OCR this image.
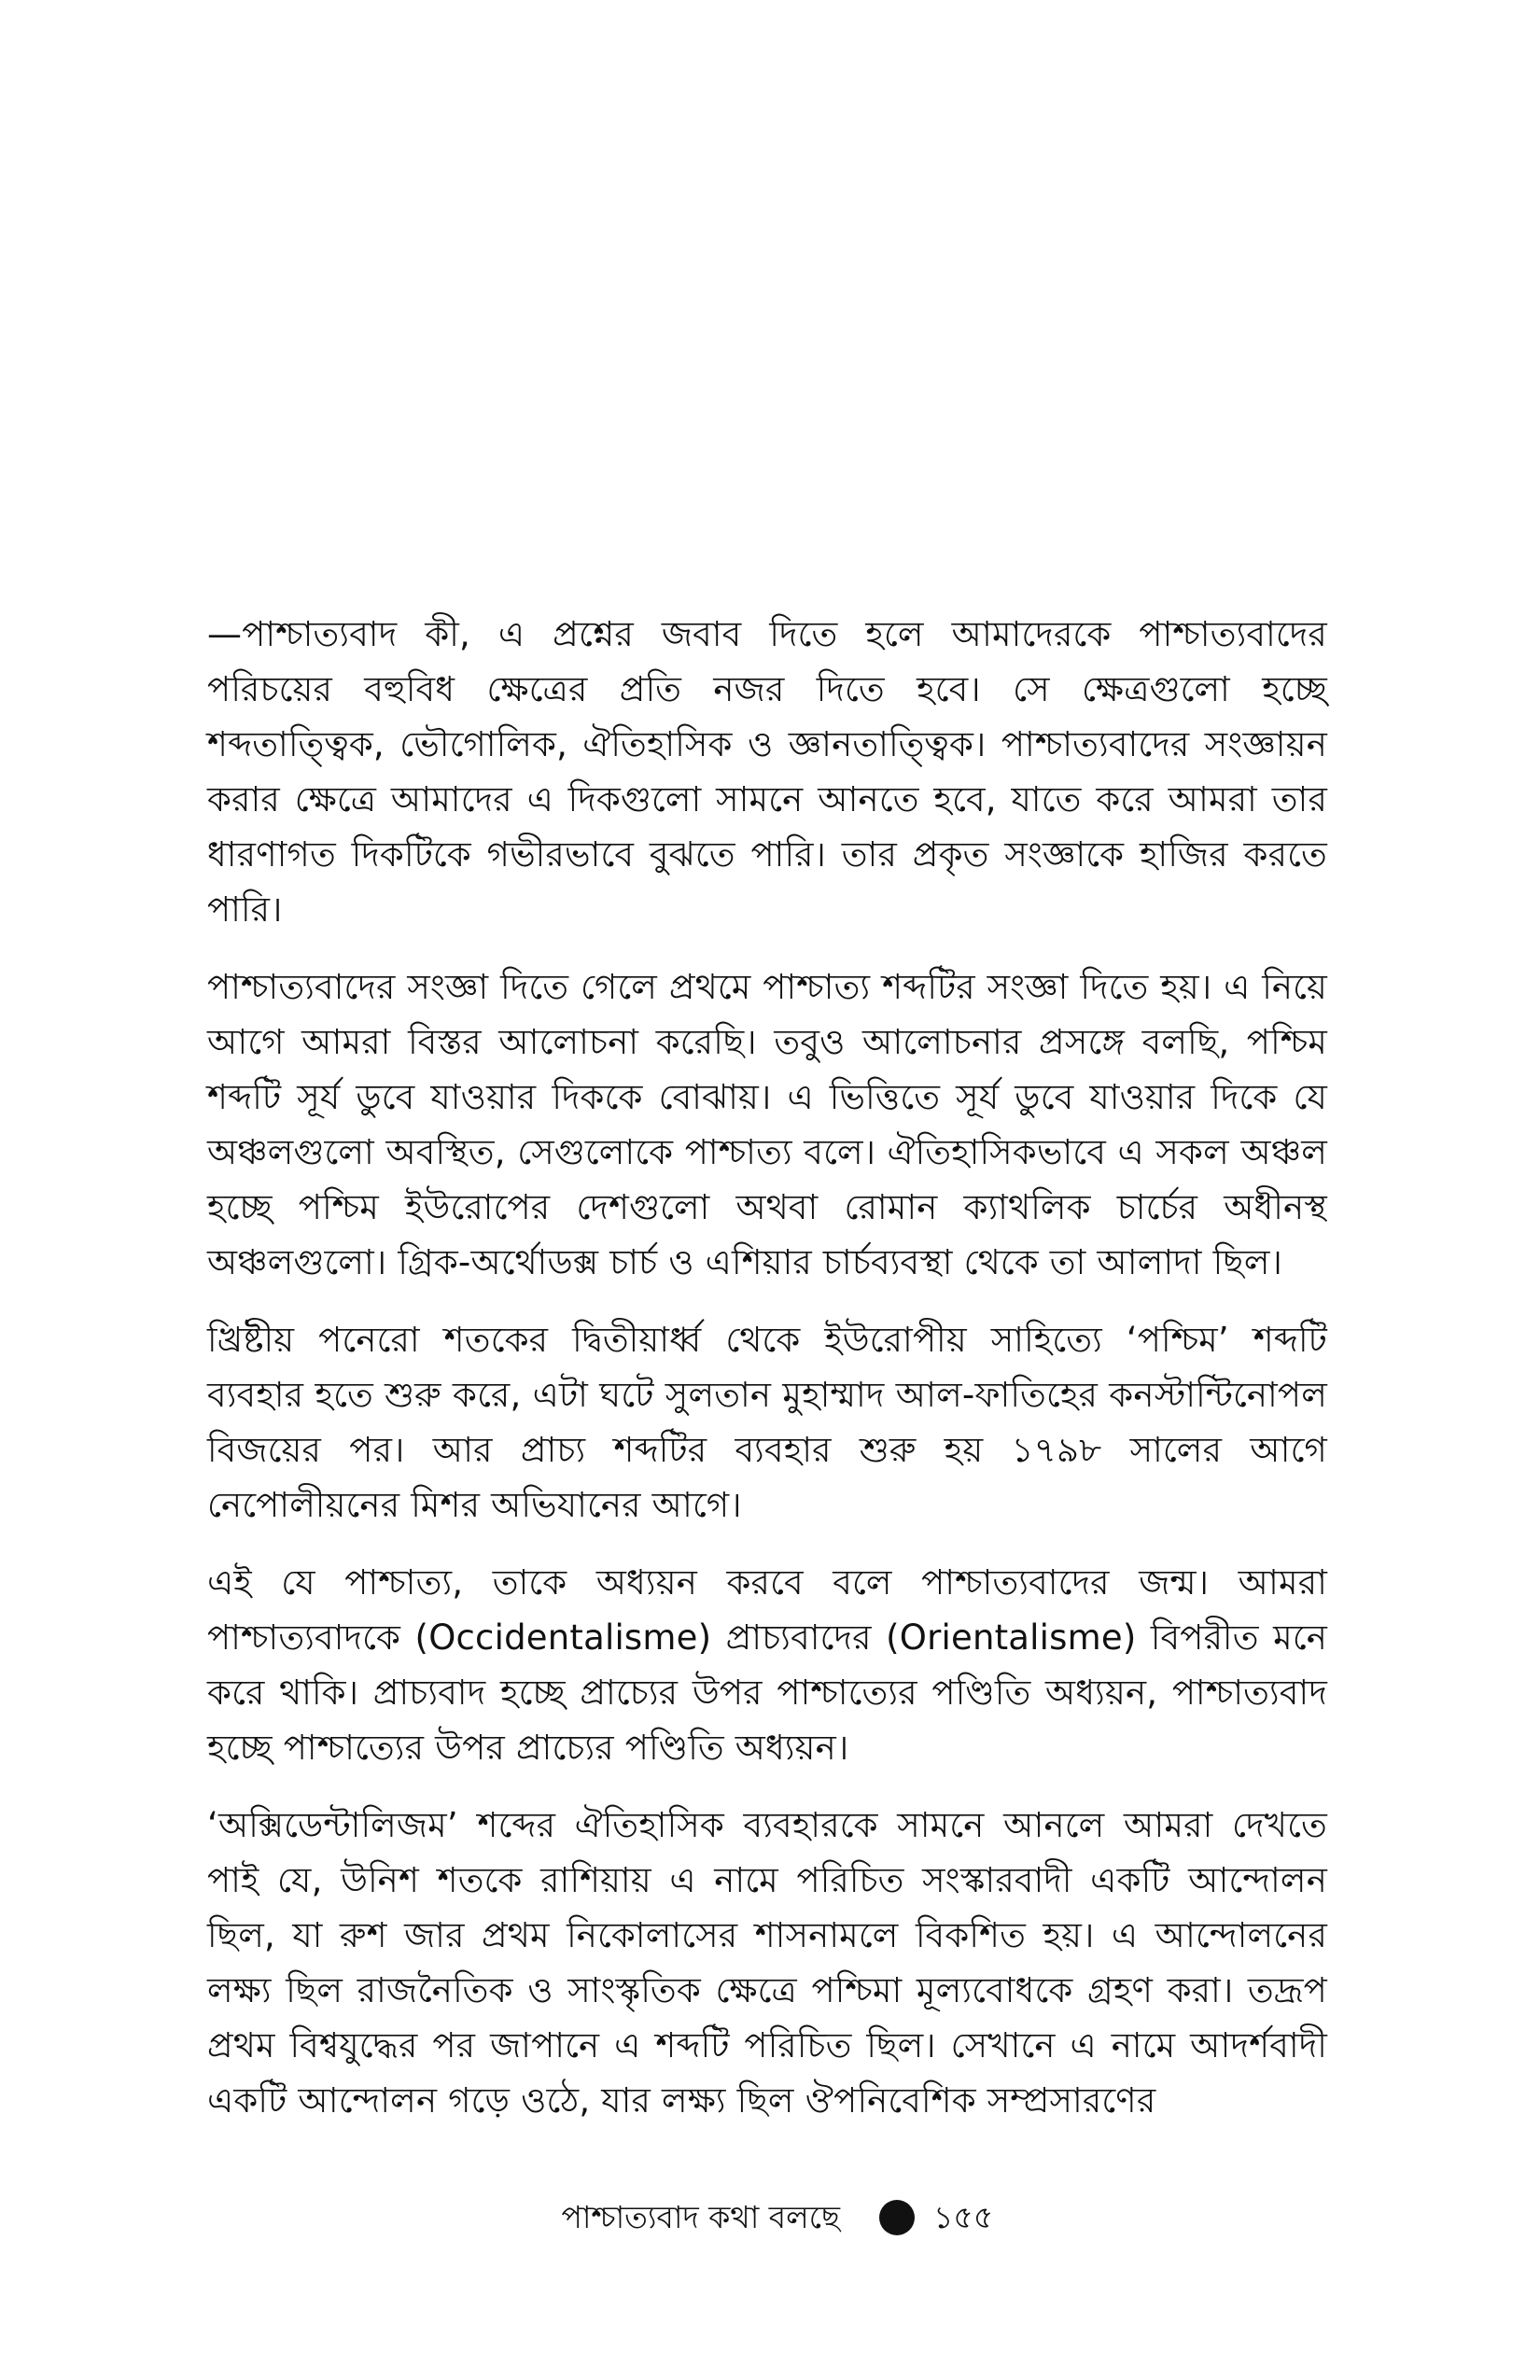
—পাশ্চাত্যবাদ কী, এ প্রশ্নের জবাব দিতে হলে আমাদেরকে পাশ্চাত্যবাদের পরিচয়ের বহুবিধ ক্ষেত্রের প্রতি নজর দিতে হবে। সে ক্ষেত্রগুলো হচ্ছে শব্দতাত্ত্বিক, ভৌগোলিক, ঐতিহাসিক ও জ্ঞানতাত্ত্বিক। পাশ্চাত্যবাদের সংজ্ঞায়ন করার ক্ষেত্রে আমাদের এ দিকগুলো সামনে আনতে হবে, যাতে করে আমরা তার ধারণাগত দিকটিকে গভীরভাবে বুঝতে পারি। তার প্রকৃত সংজ্ঞাকে হাজির করতে পারি।

পাশ্চাত্যবাদের সংজ্ঞা দিতে গেলে প্রথমে পাশ্চাত্য শব্দটির সংজ্ঞা দিতে হয়। এ নিয়ে আগে আমরা বিস্তর আলোচনা করেছি। তবুও আলোচনার প্রসঙ্গে বলছি, পশ্চিম শব্দটি সূর্য ডুবে যাওয়ার দিককে বোঝায়। এ ভিত্তিতে সূর্য ডুবে যাওয়ার দিকে যে অঞ্চলগুলো অবস্থিত, সেগুলোকে পাশ্চাত্য বলে। ঐতিহাসিকভাবে এ সকল অঞ্চল হচ্ছে পশ্চিম ইউরোপের দেশগুলো অথবা রোমান ক্যাথলিক চার্চের অধীনস্থ অঞ্চলগুলো। গ্রিক-অর্থোডক্স চার্চ ও এশিয়ার চার্চব্যবস্থা থেকে তা আলাদা ছিল।

খ্রিষ্টীয় পনেরো শতকের দ্বিতীয়ার্ধ্ব থেকে ইউরোপীয় সাহিত্যে ‘পশ্চিম’ শব্দটি ব্যবহার হতে শুরু করে, এটা ঘটে সুলতান মুহাম্মাদ আল-ফাতিহের কনস্টান্টিনোপল বিজয়ের পর। আর প্রাচ্য শব্দটির ব্যবহার শুরু হয় ১৭৯৮ সালের আগে নেপোলীয়নের মিশর অভিযানের আগে।

এই যে পাশ্চাত্য, তাকে অধ্যয়ন করবে বলে পাশ্চাত্যবাদের জন্ম। আমরা পাশ্চাত্যবাদকে (Occidentalisme) প্রাচ্যবাদের (Orientalisme) বিপরীত মনে করে থাকি। প্রাচ্যবাদ হচ্ছে প্রাচ্যের উপর পাশ্চাত্যের পণ্ডিতি অধ্যয়ন, পাশ্চাত্যবাদ হচ্ছে পাশ্চাত্যের উপর প্রাচ্যের পণ্ডিতি অধ্যয়ন।

‘অক্সিডেন্টালিজম’ শব্দের ঐতিহাসিক ব্যবহারকে সামনে আনলে আমরা দেখতে পাই যে, উনিশ শতকে রাশিয়ায় এ নামে পরিচিত সংস্কারবাদী একটি আন্দোলন ছিল, যা রুশ জার প্রথম নিকোলাসের শাসনামলে বিকশিত হয়। এ আন্দোলনের লক্ষ্য ছিল রাজনৈতিক ও সাংস্কৃতিক ক্ষেত্রে পশ্চিমা মূল্যবোধকে গ্রহণ করা। তদ্রূপ প্রথম বিশ্বযুদ্ধের পর জাপানে এ শব্দটি পরিচিত ছিল। সেখানে এ নামে আদর্শবাদী একটি আন্দোলন গড়ে ওঠে, যার লক্ষ্য ছিল ঔপনিবেশিক সম্প্রসারণের

পাশ্চাত্যবাদ কথা বলছে	১৫৫
